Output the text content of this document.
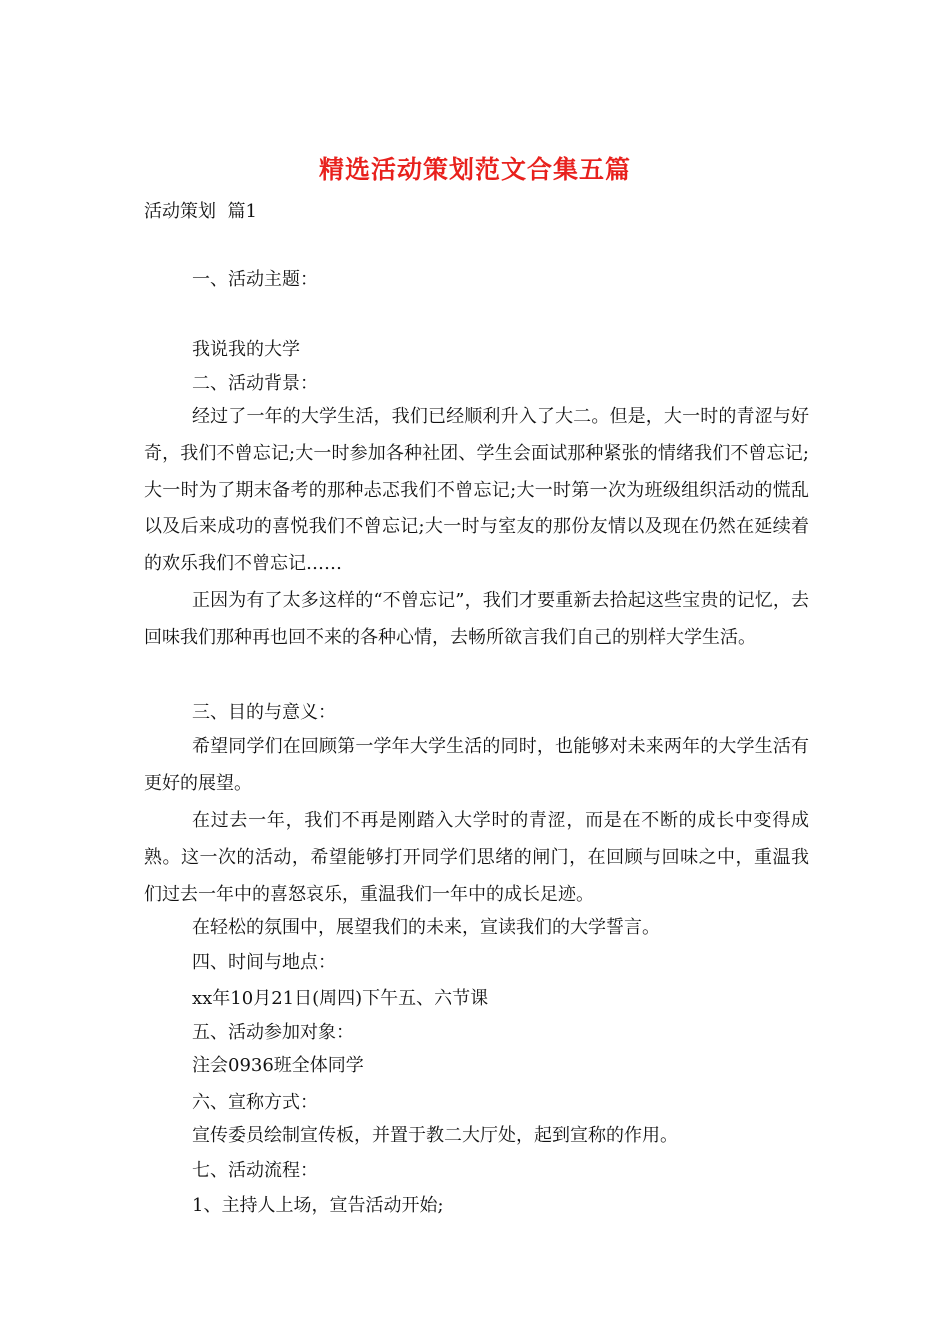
精选活动策划范文合集五篇
活动策划  篇1
一、活动主题：
我说我的大学
二、活动背景：
经过了一年的大学生活，我们已经顺利升入了大二。但是，大一时的青涩与好奇，我们不曾忘记;大一时参加各种社团、学生会面试那种紧张的情绪我们不曾忘记;大一时为了期末备考的那种忐忑我们不曾忘记;大一时第一次为班级组织活动的慌乱以及后来成功的喜悦我们不曾忘记;大一时与室友的那份友情以及现在仍然在延续着的欢乐我们不曾忘记……
正因为有了太多这样的“不曾忘记”，我们才要重新去拾起这些宝贵的记忆，去回味我们那种再也回不来的各种心情，去畅所欲言我们自己的别样大学生活。
三、目的与意义：
希望同学们在回顾第一学年大学生活的同时，也能够对未来两年的大学生活有更好的展望。
在过去一年，我们不再是刚踏入大学时的青涩，而是在不断的成长中变得成熟。这一次的活动，希望能够打开同学们思绪的闸门，在回顾与回味之中，重温我们过去一年中的喜怒哀乐，重温我们一年中的成长足迹。
在轻松的氛围中，展望我们的未来，宣读我们的大学誓言。
四、时间与地点：
xx年10月21日(周四)下午五、六节课
五、活动参加对象：
注会0936班全体同学
六、宣称方式：
宣传委员绘制宣传板，并置于教二大厅处，起到宣称的作用。
七、活动流程：
1、主持人上场，宣告活动开始;
